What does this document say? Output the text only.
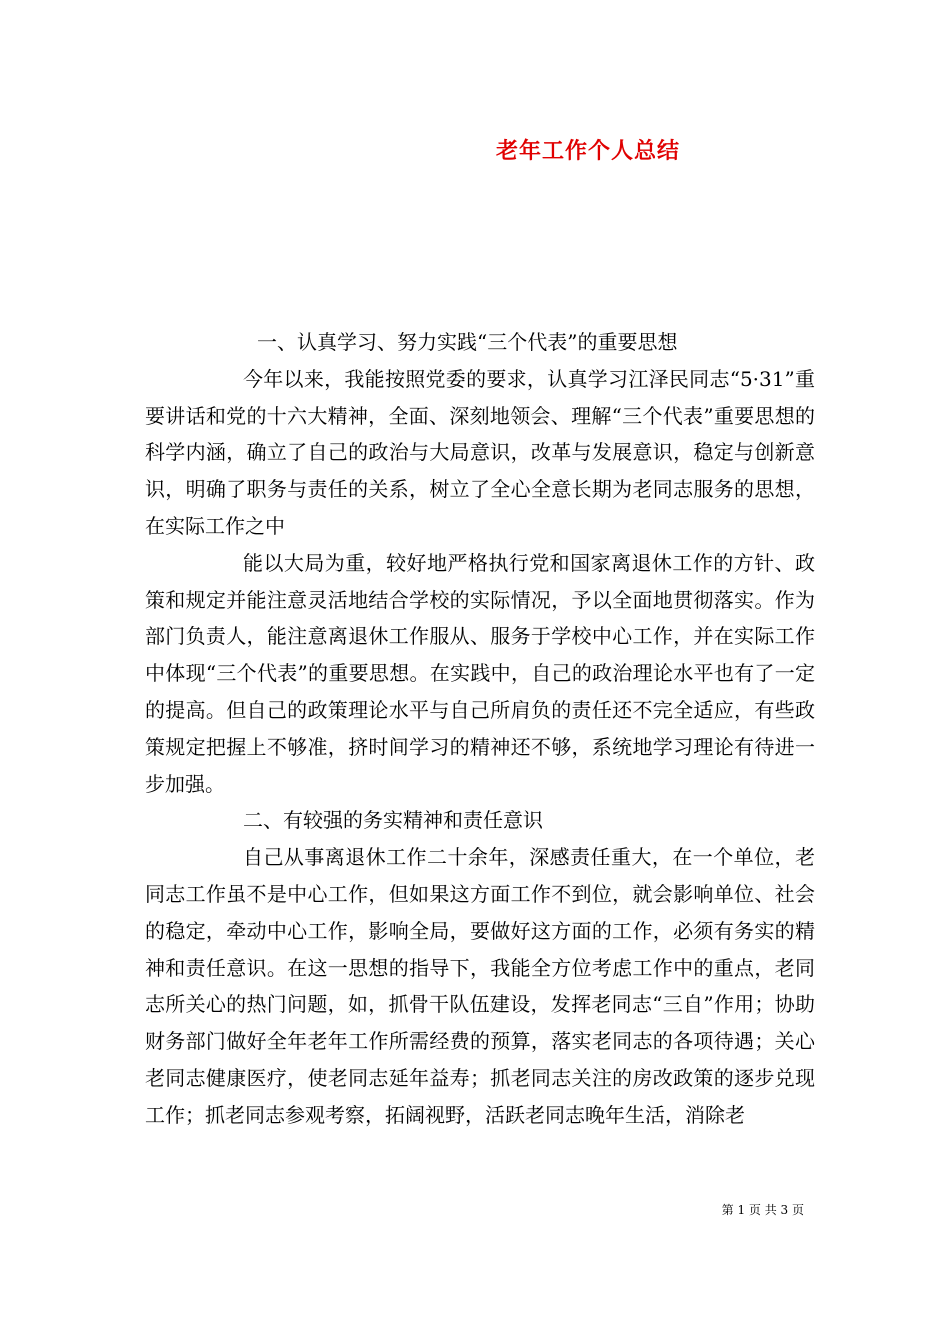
老年工作个人总结

一、认真学习、努力实践“三个代表”的重要思想

今年以来，我能按照党委的要求，认真学习江泽民同志“5·31”重要讲话和党的十六大精神，全面、深刻地领会、理解“三个代表”重要思想的科学内涵，确立了自己的政治与大局意识，改革与发展意识，稳定与创新意识，明确了职务与责任的关系，树立了全心全意长期为老同志服务的思想，在实际工作之中

能以大局为重，较好地严格执行党和国家离退休工作的方针、政策和规定并能注意灵活地结合学校的实际情况，予以全面地贯彻落实。作为部门负责人，能注意离退休工作服从、服务于学校中心工作，并在实际工作中体现“三个代表”的重要思想。在实践中，自己的政治理论水平也有了一定的提高。但自己的政策理论水平与自己所肩负的责任还不完全适应，有些政策规定把握上不够准，挤时间学习的精神还不够，系统地学习理论有待进一步加强。

二、有较强的务实精神和责任意识

自己从事离退休工作二十余年，深感责任重大，在一个单位，老同志工作虽不是中心工作，但如果这方面工作不到位，就会影响单位、社会的稳定，牵动中心工作，影响全局，要做好这方面的工作，必须有务实的精神和责任意识。在这一思想的指导下，我能全方位考虑工作中的重点，老同志所关心的热门问题，如，抓骨干队伍建设，发挥老同志“三自”作用；协助财务部门做好全年老年工作所需经费的预算，落实老同志的各项待遇；关心老同志健康医疗，使老同志延年益寿；抓老同志关注的房改政策的逐步兑现工作；抓老同志参观考察，拓阔视野，活跃老同志晚年生活，消除老

第 1 页 共 3 页
